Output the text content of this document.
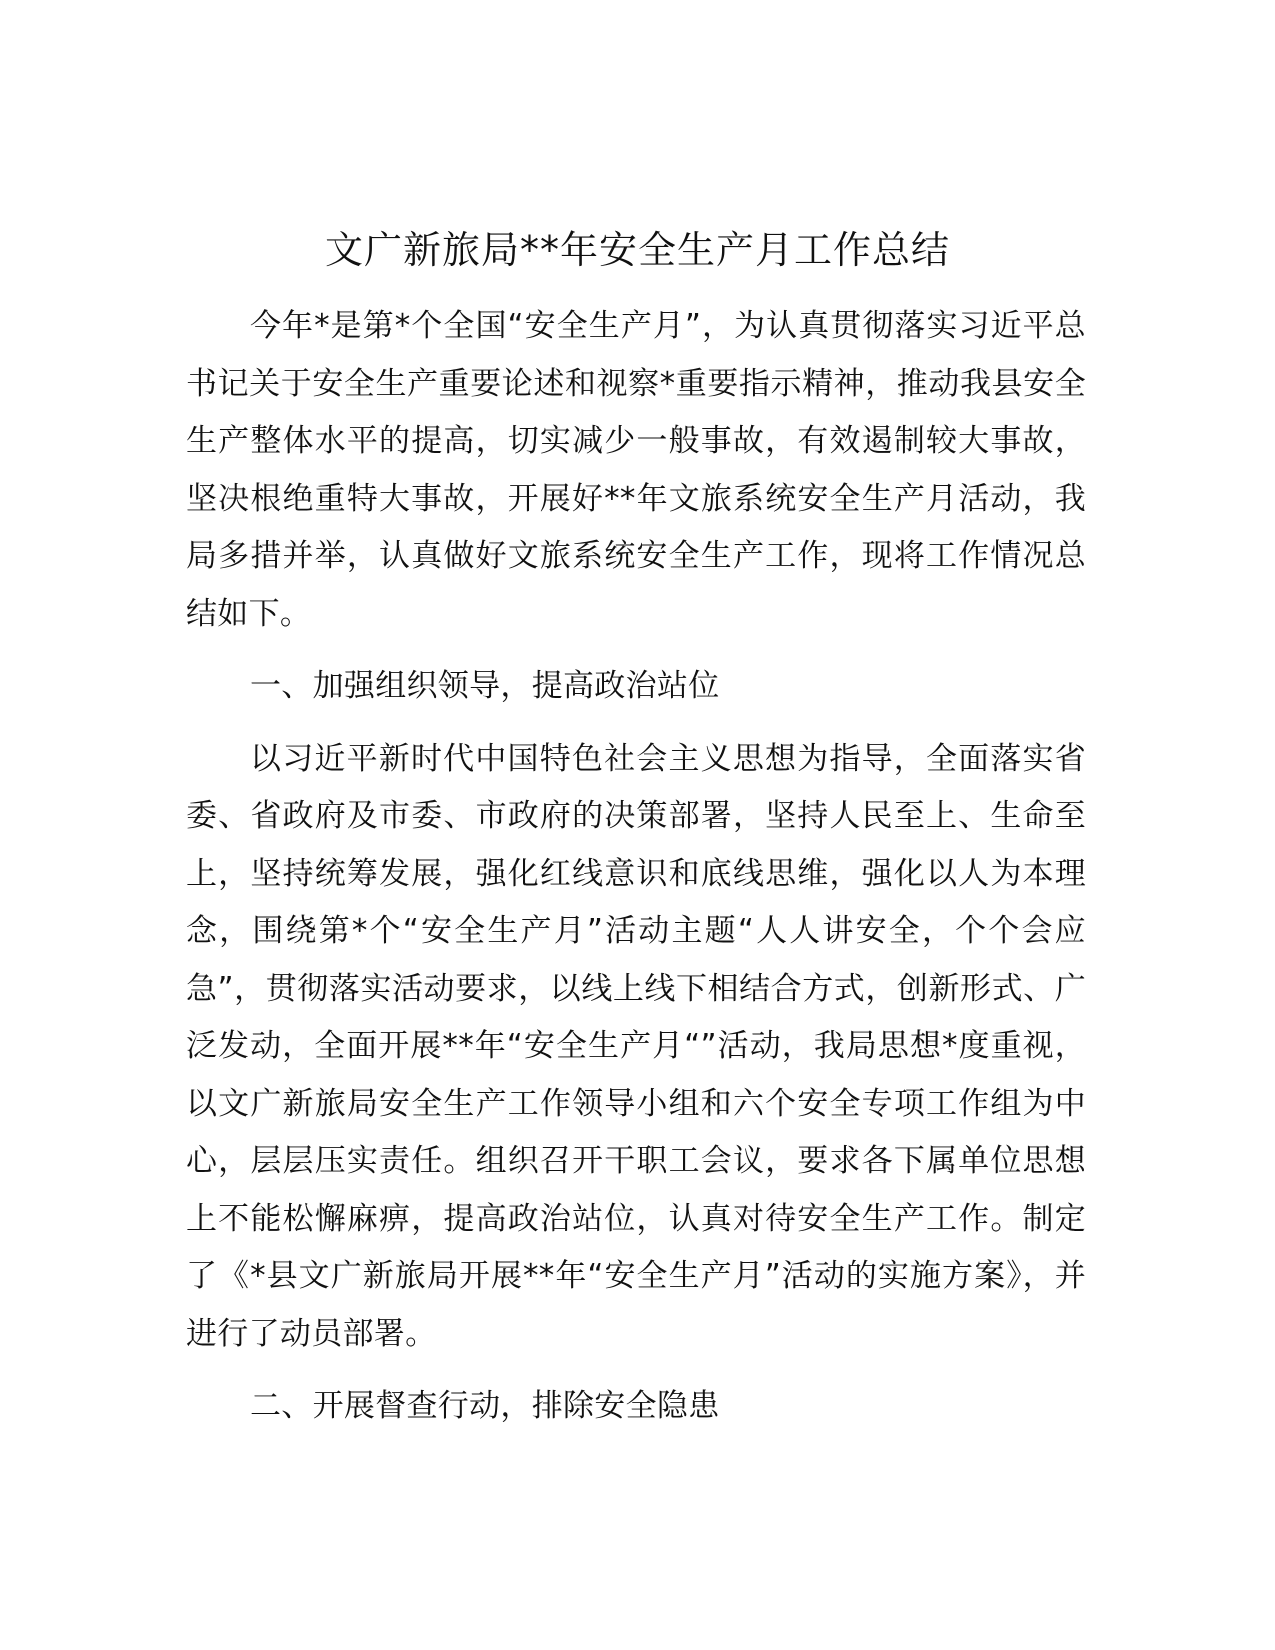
文广新旅局**年安全生产月工作总结

今年*是第*个全国“安全生产月”，为认真贯彻落实习近平总书记关于安全生产重要论述和视察*重要指示精神，推动我县安全生产整体水平的提高，切实减少一般事故，有效遏制较大事故，坚决根绝重特大事故，开展好**年文旅系统安全生产月活动，我局多措并举，认真做好文旅系统安全生产工作，现将工作情况总结如下。

一、加强组织领导，提高政治站位

以习近平新时代中国特色社会主义思想为指导，全面落实省委、省政府及市委、市政府的决策部署，坚持人民至上、生命至上，坚持统筹发展，强化红线意识和底线思维，强化以人为本理念，围绕第*个“安全生产月”活动主题“人人讲安全，个个会应急”，贯彻落实活动要求，以线上线下相结合方式，创新形式、广泛发动，全面开展**年“安全生产月“”活动，我局思想*度重视，以文广新旅局安全生产工作领导小组和六个安全专项工作组为中心，层层压实责任。组织召开干职工会议，要求各下属单位思想上不能松懈麻痹，提高政治站位，认真对待安全生产工作。制定了《*县文广新旅局开展**年“安全生产月”活动的实施方案》，并进行了动员部署。

二、开展督查行动，排除安全隐患
